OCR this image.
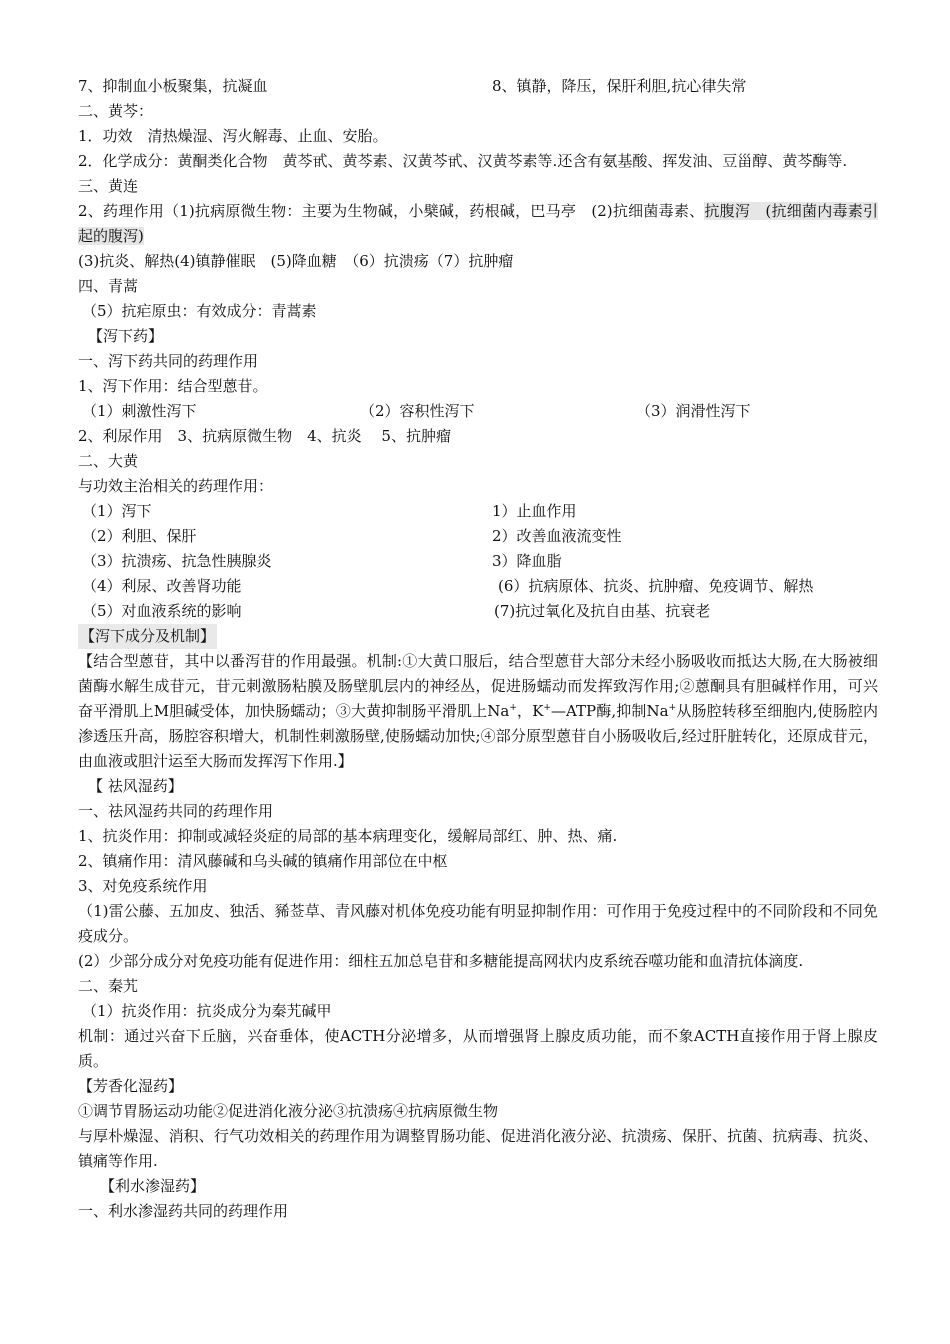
7、抑制血小板聚集，抗凝血	8、镇静，降压，保肝利胆,抗心律失常
二、黄芩：
1．功效　清热燥湿、泻火解毒、止血、安胎。
2．化学成分：黄酮类化合物　黄芩甙、黄芩素、汉黄芩甙、汉黄芩素等.还含有氨基酸、挥发油、豆甾醇、黄芩酶等.
三、黄连
2、药理作用（1)抗病原微生物：主要为生物碱，小檗碱，药根碱，巴马亭　(2)抗细菌毒素、抗腹泻　(抗细菌内毒素引起的腹泻)
(3)抗炎、解热(4)镇静催眠　(5)降血糖　（6）抗溃疡（7）抗肿瘤
四、青蒿
（5）抗疟原虫：有效成分：青蒿素
【泻下药】
一、泻下药共同的药理作用
1、泻下作用：结合型蒽苷。
（1）刺激性泻下	（2）容积性泻下	（3）润滑性泻下
2、利尿作用　3、抗病原微生物　4、抗炎　 5、抗肿瘤
二、大黄
与功效主治相关的药理作用：
（1）泻下	1）止血作用
（2）利胆、保肝	2）改善血液流变性
（3）抗溃疡、抗急性胰腺炎	3）降血脂
（4）利尿、改善肾功能	(6）抗病原体、抗炎、抗肿瘤、免疫调节、解热
（5）对血液系统的影响	(7)抗过氧化及抗自由基、抗衰老
【泻下成分及机制】
【结合型蒽苷，其中以番泻苷的作用最强。机制:①大黄口服后，结合型蒽苷大部分未经小肠吸收而抵达大肠,在大肠被细菌酶水解生成苷元，苷元刺激肠粘膜及肠壁肌层内的神经丛，促进肠蠕动而发挥致泻作用;②蒽酮具有胆碱样作用，可兴奋平滑肌上M胆碱受体，加快肠蠕动；③大黄抑制肠平滑肌上Na+，K+—ATP酶,抑制Na+从肠腔转移至细胞内,使肠腔内渗透压升高，肠腔容积增大，机制性刺激肠壁,使肠蠕动加快;④部分原型蒽苷自小肠吸收后,经过肝脏转化，还原成苷元，由血液或胆汁运至大肠而发挥泻下作用.】
【 祛风湿药】
一、祛风湿药共同的药理作用
1、抗炎作用：抑制或减轻炎症的局部的基本病理变化，缓解局部红、肿、热、痛.
2、镇痛作用：清风藤碱和乌头碱的镇痛作用部位在中枢
3、对免疫系统作用
（1)雷公藤、五加皮、独活、豨莶草、青风藤对机体免疫功能有明显抑制作用：可作用于免疫过程中的不同阶段和不同免疫成分。
(2）少部分成分对免疫功能有促进作用：细柱五加总皂苷和多糖能提高网状内皮系统吞噬功能和血清抗体滴度.
二、秦艽
（1）抗炎作用：抗炎成分为秦艽碱甲
机制：通过兴奋下丘脑，兴奋垂体，使ACTH分泌增多，从而增强肾上腺皮质功能，而不象ACTH直接作用于肾上腺皮质。
【芳香化湿药】
①调节胃肠运动功能②促进消化液分泌③抗溃疡④抗病原微生物
与厚朴燥湿、消积、行气功效相关的药理作用为调整胃肠功能、促进消化液分泌、抗溃疡、保肝、抗菌、抗病毒、抗炎、镇痛等作用.
【利水渗湿药】
一、利水渗湿药共同的药理作用
